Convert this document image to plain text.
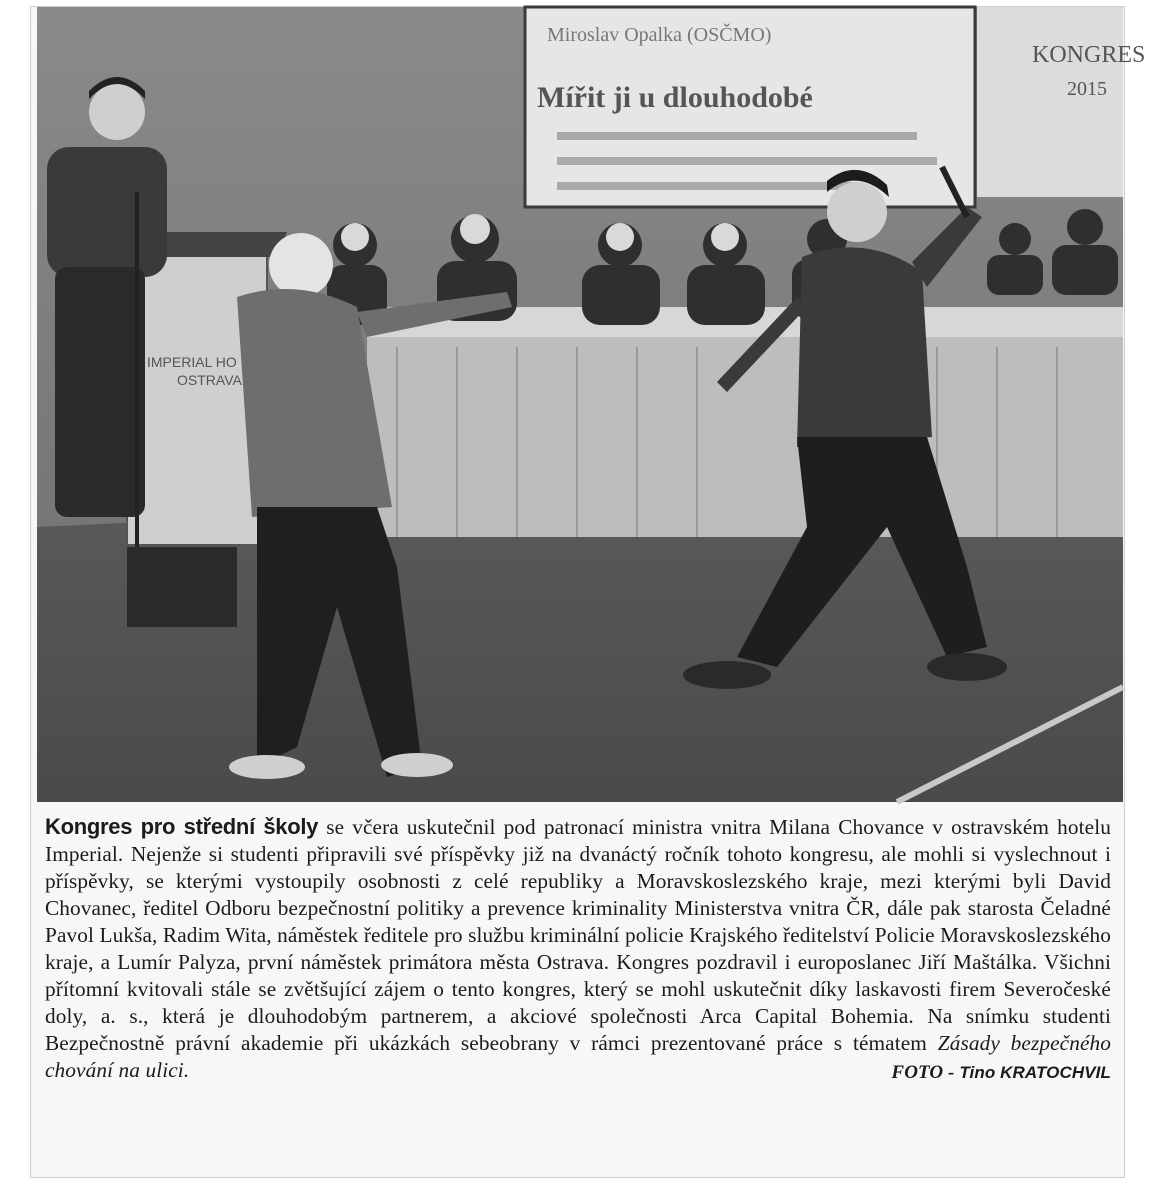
Miroslav Opalka (OSČMO)
Mířit ji u dlouhodobé
KONGRES
2015
IMPERIAL HO
OSTRAVA
Kongres pro střední školy se včera uskutečnil pod patronací ministra vnitra Milana Chovance v ostravském hotelu Imperial. Nejenže si studenti připravili své příspěvky již na dvanáctý ročník tohoto kongresu, ale mohli si vyslechnout i příspěvky, se kterými vystoupily osobnosti z celé republiky a Moravskoslezského kraje, mezi kterými byli David Chovanec, ředitel Odboru bezpečnostní politiky a prevence kriminality Ministerstva vnitra ČR, dále pak starosta Čeladné Pavol Lukša, Radim Wita, náměstek ředitele pro službu kriminální policie Krajského ředitelství Policie Moravskoslezského kraje, a Lumír Palyza, první náměstek primátora města Ostrava. Kongres pozdravil i europoslanec Jiří Maštálka. Všichni přítomní kvitovali stále se zvětšující zájem o tento kongres, který se mohl uskutečnit díky laskavosti firem Severočeské doly, a. s., která je dlouhodobým partnerem, a akciové společnosti Arca Capital Bohemia. Na snímku studenti Bezpečnostně právní akademie při ukázkách sebeobrany v rámci prezentované práce s tématem Zásady bezpečného chování na ulici.	FOTO - Tino KRATOCHVIL
